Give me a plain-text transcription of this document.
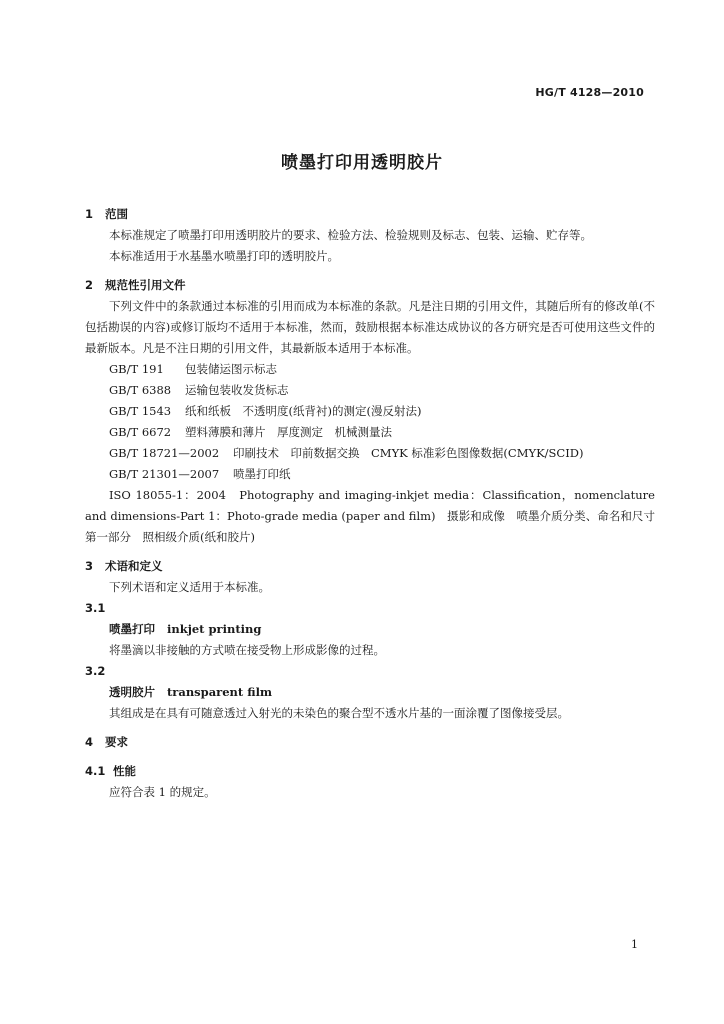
HG/T 4128—2010
喷墨打印用透明胶片
1 范围
本标准规定了喷墨打印用透明胶片的要求、检验方法、检验规则及标志、包装、运输、贮存等。
本标准适用于水基墨水喷墨打印的透明胶片。
2 规范性引用文件
下列文件中的条款通过本标准的引用而成为本标准的条款。凡是注日期的引用文件，其随后所有的修改单(不包括勘误的内容)或修订版均不适用于本标准，然而，鼓励根据本标准达成协议的各方研究是否可使用这些文件的最新版本。凡是不注日期的引用文件，其最新版本适用于本标准。
GB/T 191 包装储运图示标志
GB/T 6388 运输包装收发货标志
GB/T 1543 纸和纸板　不透明度(纸背衬)的测定(漫反射法)
GB/T 6672 塑料薄膜和薄片　厚度测定　机械测量法
GB/T 18721—2002 印刷技术　印前数据交换　CMYK 标准彩色图像数据(CMYK/SCID)
GB/T 21301—2007 喷墨打印纸
ISO 18055-1：2004　Photography and imaging-inkjet media：Classification，nomenclature and dimensions-Part 1：Photo-grade media (paper and film)　摄影和成像　喷墨介质分类、命名和尺寸　第一部分　照相级介质(纸和胶片)
3 术语和定义
下列术语和定义适用于本标准。
3.1
喷墨打印 inkjet printing
将墨滴以非接触的方式喷在接受物上形成影像的过程。
3.2
透明胶片 transparent film
其组成是在具有可随意透过入射光的未染色的聚合型不透水片基的一面涂覆了图像接受层。
4 要求
4.1 性能
应符合表 1 的规定。
1
